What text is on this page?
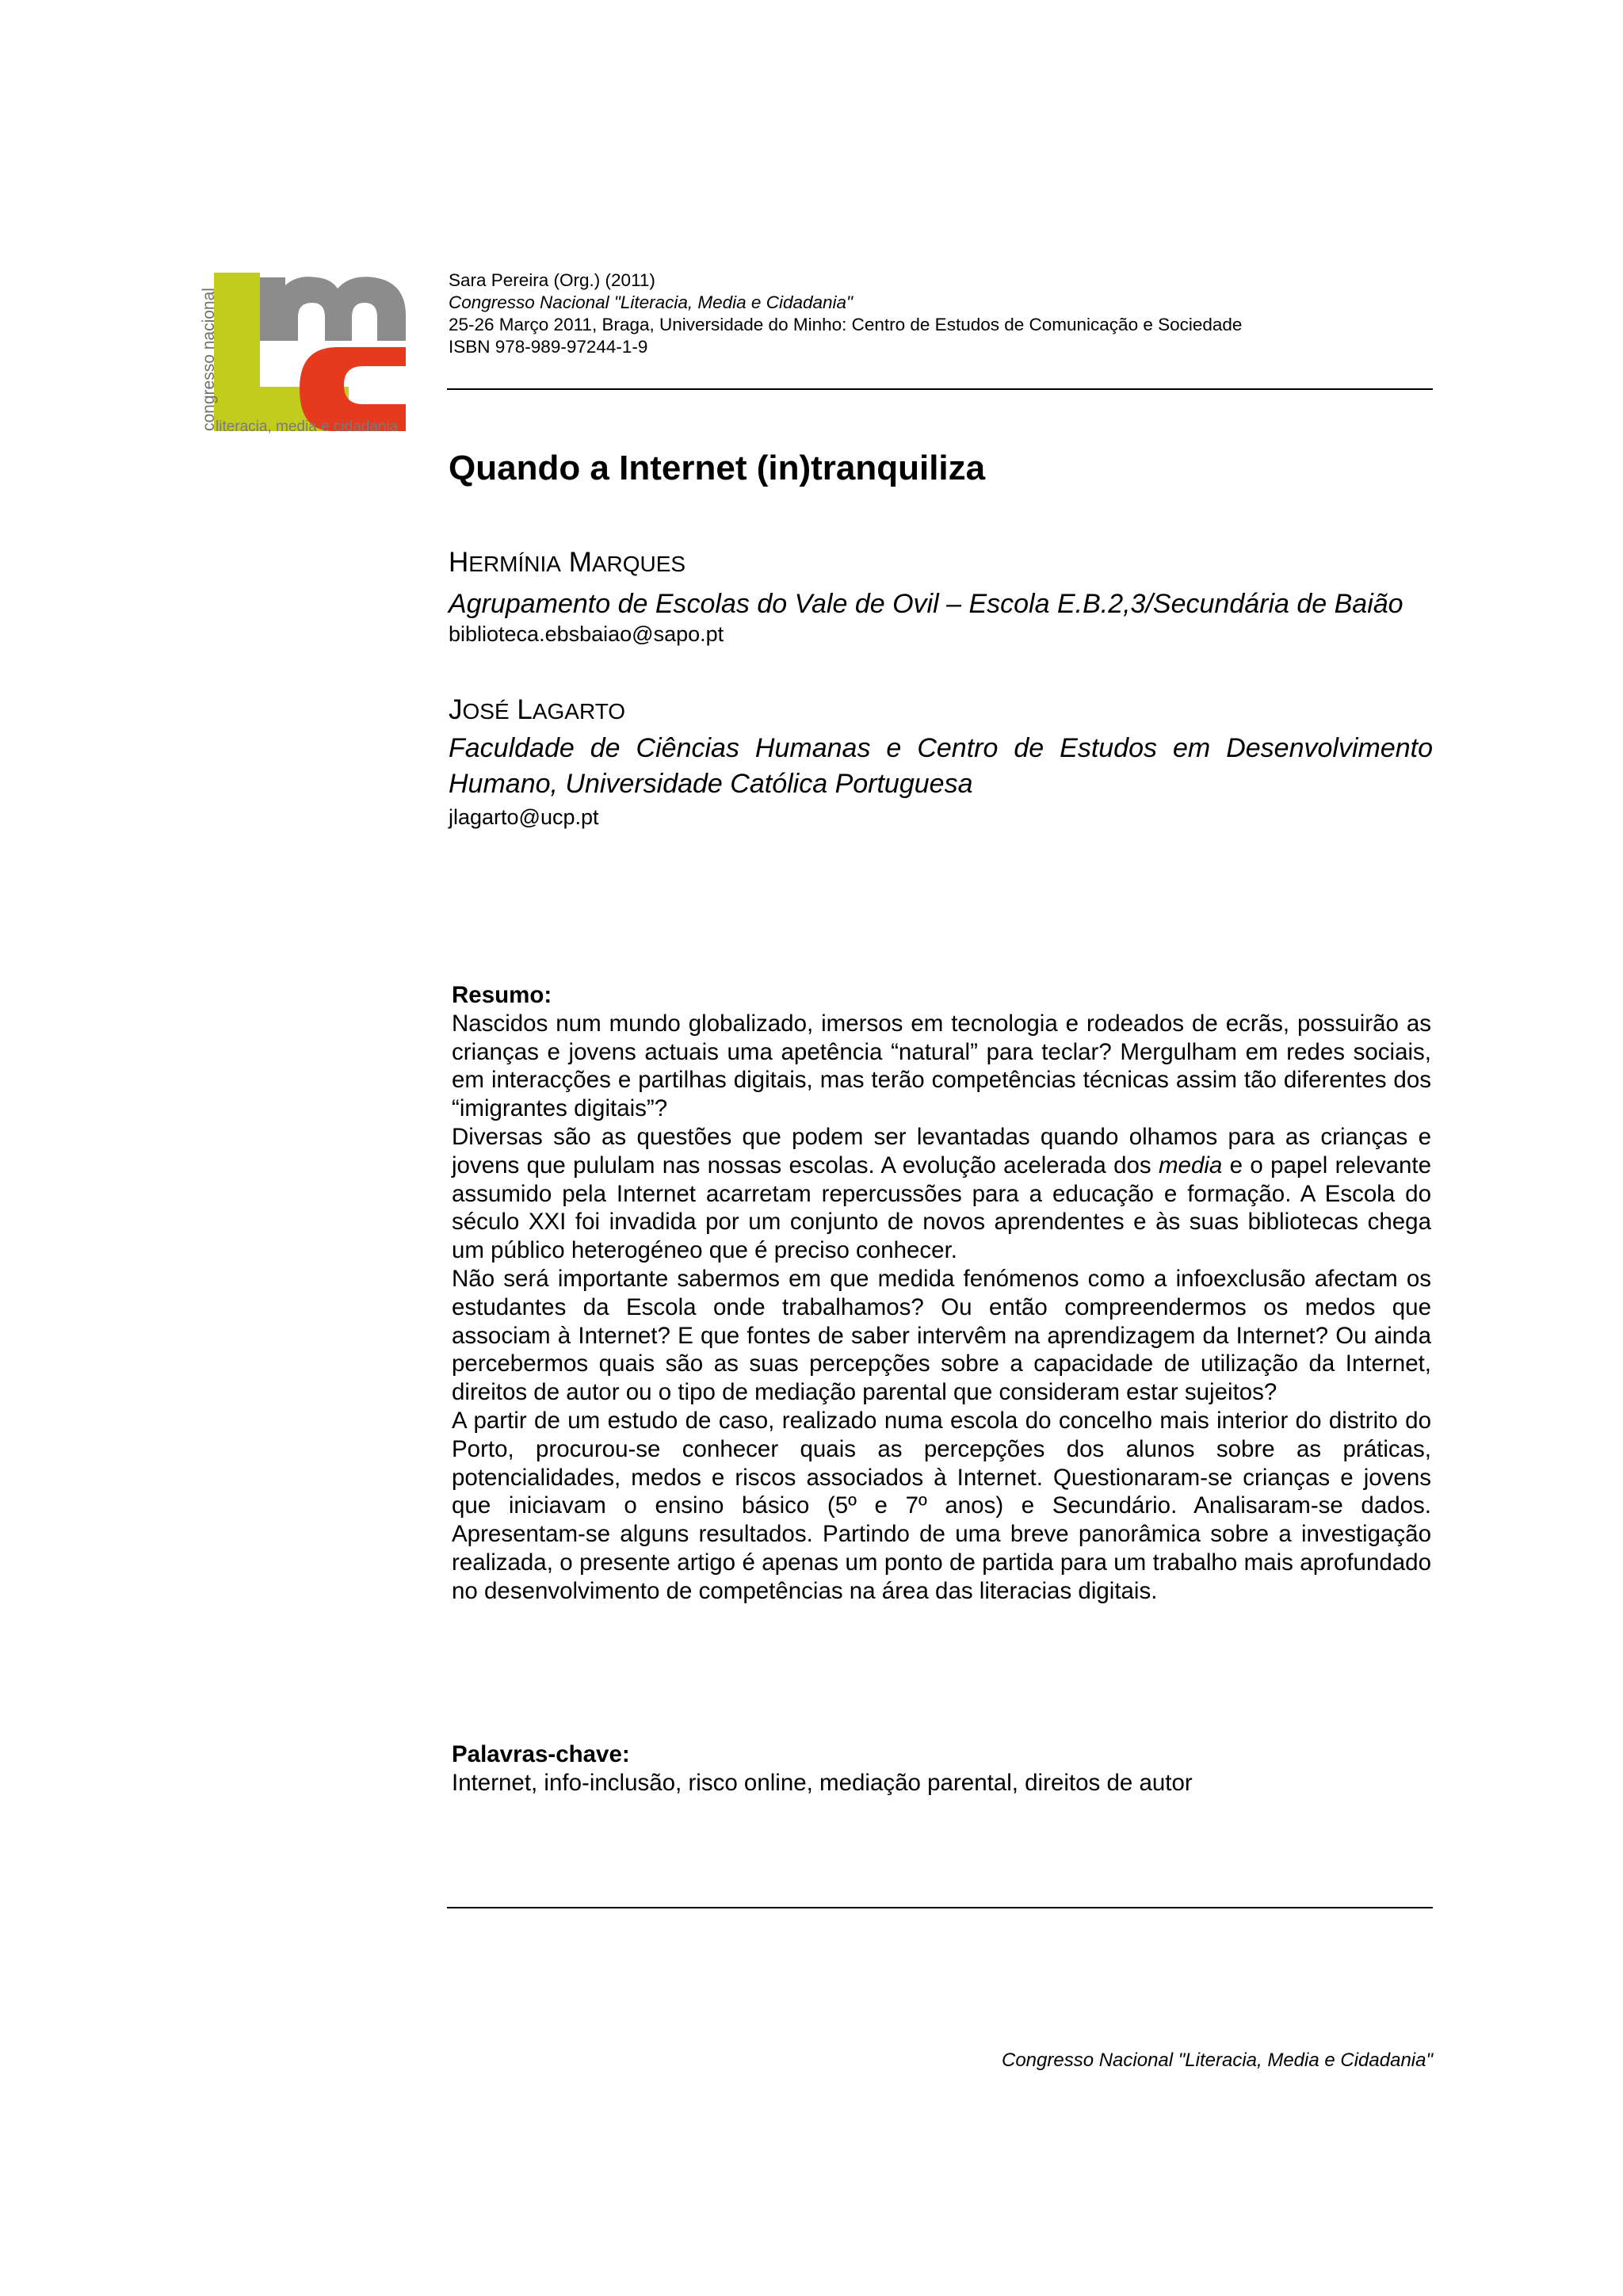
congresso nacional
literacia, media e cidadania
Sara Pereira (Org.) (2011)
Congresso Nacional "Literacia, Media e Cidadania"
25-26 Março 2011, Braga, Universidade do Minho: Centro de Estudos de Comunicação e Sociedade
ISBN 978-989-97244-1-9
Quando a Internet (in)tranquiliza
HERMÍNIA MARQUES
Agrupamento de Escolas do Vale de Ovil – Escola E.B.2,3/Secundária de Baião
biblioteca.ebsbaiao@sapo.pt
JOSÉ LAGARTO
Faculdade de Ciências Humanas e Centro de Estudos em Desenvolvimento Humano, Universidade Católica Portuguesa
jlagarto@ucp.pt
Resumo:

Nascidos num mundo globalizado, imersos em tecnologia e rodeados de ecrãs, possuirão as crianças e jovens actuais uma apetência “natural” para teclar? Mergulham em redes sociais, em interacções e partilhas digitais, mas terão competências técnicas assim tão diferentes dos “imigrantes digitais”?

Diversas são as questões que podem ser levantadas quando olhamos para as crianças e jovens que pululam nas nossas escolas. A evolução acelerada dos media e o papel relevante assumido pela Internet acarretam repercussões para a educação e formação. A Escola do século XXI foi invadida por um conjunto de novos aprendentes e às suas bibliotecas chega um público heterogéneo que é preciso conhecer.

Não será importante sabermos em que medida fenómenos como a infoexclusão afectam os estudantes da Escola onde trabalhamos? Ou então compreendermos os medos que associam à Internet? E que fontes de saber intervêm na aprendizagem da Internet? Ou ainda percebermos quais são as suas percepções sobre a capacidade de utilização da Internet, direitos de autor ou o tipo de mediação parental que consideram estar sujeitos?

A partir de um estudo de caso, realizado numa escola do concelho mais interior do distrito do Porto, procurou-se conhecer quais as percepções dos alunos sobre as práticas, potencialidades, medos e riscos associados à Internet. Questionaram-se crianças e jovens que iniciavam o ensino básico (5º e 7º anos) e Secundário. Analisaram-se dados. Apresentam-se alguns resultados. Partindo de uma breve panorâmica sobre a investigação realizada, o presente artigo é apenas um ponto de partida para um trabalho mais aprofundado no desenvolvimento de competências na área das literacias digitais.

Palavras-chave:
Internet, info-inclusão, risco online, mediação parental, direitos de autor
Congresso Nacional "Literacia, Media e Cidadania"
